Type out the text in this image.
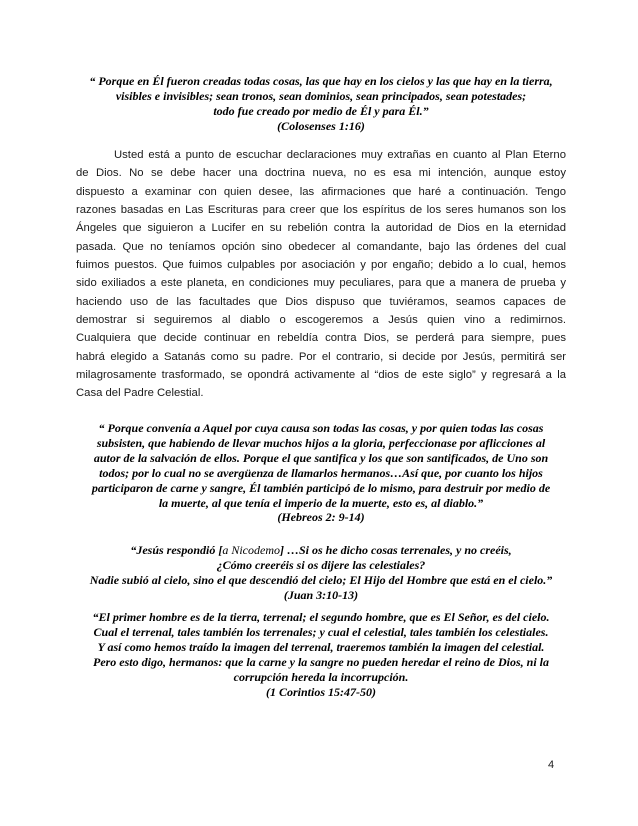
“ Porque en Él fueron creadas todas cosas, las que hay en los cielos y las que hay en la tierra,
visibles e invisibles; sean tronos, sean dominios, sean principados, sean potestades;
todo fue creado por medio de Él y para Él.”
(Colosenses 1:16)
Usted está a punto de escuchar declaraciones muy extrañas en cuanto al Plan Eterno
de Dios. No se debe hacer una doctrina nueva, no es esa mi intención, aunque estoy
dispuesto a examinar con quien desee, las afirmaciones que haré a continuación. Tengo
razones basadas en Las Escrituras para creer que los espíritus de los seres humanos son los
Ángeles que siguieron a Lucifer en su rebelión contra la autoridad de Dios en la eternidad
pasada. Que no teníamos opción sino obedecer al comandante, bajo las órdenes del cual
fuimos puestos. Que fuimos culpables por asociación y por engaño; debido a lo cual, hemos
sido exiliados a este planeta, en condiciones muy peculiares, para que a manera de prueba y
haciendo uso de las facultades que Dios dispuso que tuviéramos, seamos capaces de
demostrar si seguiremos al diablo o escogeremos a Jesús quien vino a redimirnos.
Cualquiera que decide continuar en rebeldía contra Dios, se perderá para siempre, pues
habrá elegido a Satanás como su padre. Por el contrario, si decide por Jesús, permitirá ser
milagrosamente trasformado, se opondrá activamente al “dios de este siglo” y regresará a la
Casa del Padre Celestial.
“ Porque convenía a Aquel por cuya causa son todas las cosas, y por quien todas las cosas
subsisten, que habiendo de llevar muchos hijos a la gloria, perfeccionase por aflicciones al
autor de la salvación de ellos. Porque el que santifica y los que son santificados, de Uno son
todos; por lo cual no se avergüenza de llamarlos hermanos…Así que, por cuanto los hijos
participaron de carne y sangre, Él también participó de lo mismo, para destruir por medio de
la muerte, al que tenía el imperio de la muerte, esto es, al diablo.”
(Hebreos 2: 9-14)
“Jesús respondió [a Nicodemo] …Si os he dicho cosas terrenales, y no creéis,
¿Cómo creeréis si os dijere las celestiales?
Nadie subió al cielo, sino el que descendió del cielo; El Hijo del Hombre que está en el cielo.”
(Juan 3:10-13)
“El primer hombre es de la tierra, terrenal; el segundo hombre, que es El Señor, es del cielo.
Cual el terrenal, tales también los terrenales; y cual el celestial, tales también los celestiales.
Y así como hemos traído la imagen del terrenal, traeremos también la imagen del celestial.
Pero esto digo, hermanos: que la carne y la sangre no pueden heredar el reino de Dios, ni la
corrupción hereda la incorrupción.
(1 Corintios 15:47-50)
4
